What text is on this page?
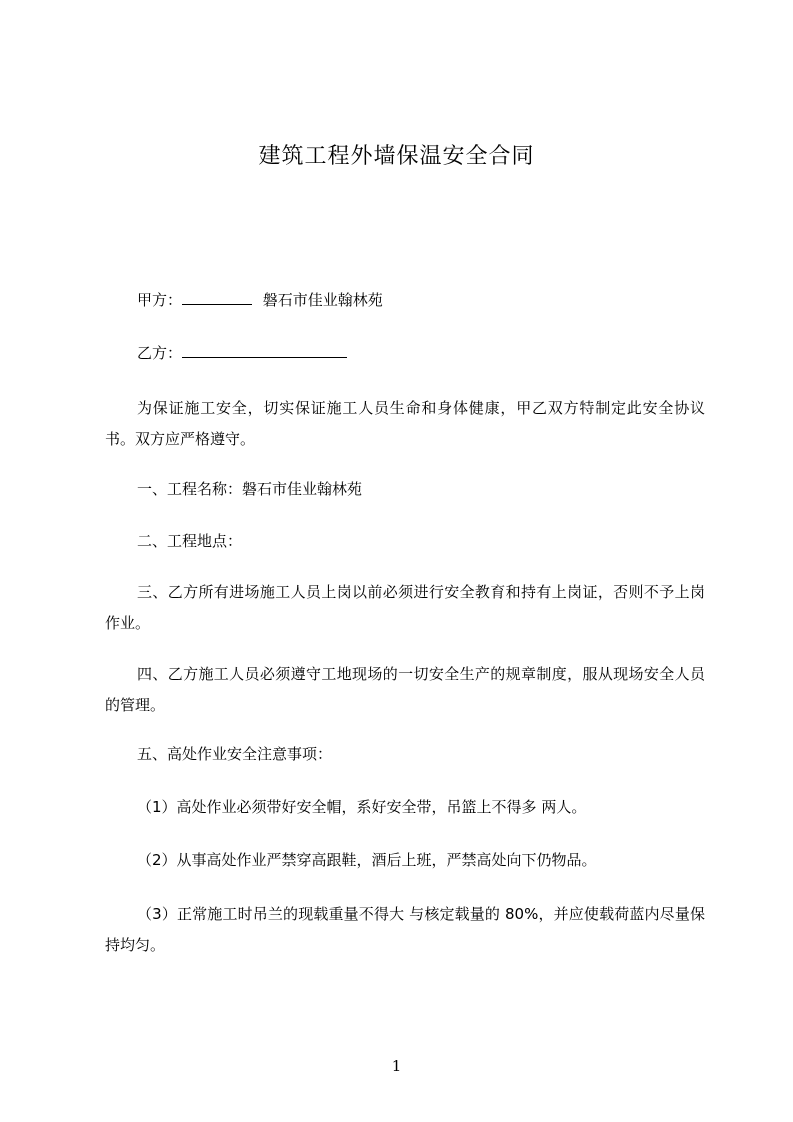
建筑工程外墙保温安全合同
甲方：	磐石市佳业翰林苑
乙方：
为保证施工安全，切实保证施工人员生命和身体健康，甲乙双方特制定此安全协议书。双方应严格遵守。
一、工程名称：磐石市佳业翰林苑
二、工程地点：
三、乙方所有进场施工人员上岗以前必须进行安全教育和持有上岗证，否则不予上岗作业。
四、乙方施工人员必须遵守工地现场的一切安全生产的规章制度，服从现场安全人员的管理。
五、高处作业安全注意事项：
（1）高处作业必须带好安全帽，系好安全带，吊篮上不得多 两人。
（2）从事高处作业严禁穿高跟鞋，酒后上班，严禁高处向下仍物品。
（3）正常施工时吊兰的现载重量不得大 与核定载量的 80%，并应使载荷蓝内尽量保持均匀。
1
